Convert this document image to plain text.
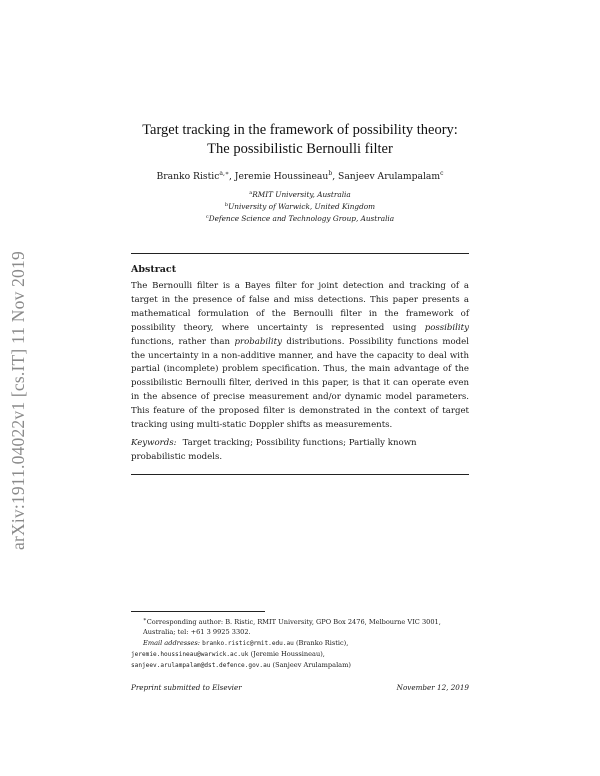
arXiv:1911.04022v1 [cs.IT] 11 Nov 2019
Target tracking in the framework of possibility theory:
The possibilistic Bernoulli filter
Branko Ristic$^{a,∗}$, Jeremie Houssineau$^b$, Sanjeev Arulampalam$^c$
$^a$RMIT University, Australia
$^b$University of Warwick, United Kingdom
$^c$Defence Science and Technology Group, Australia
Abstract
The Bernoulli filter is a Bayes filter for joint detection and tracking of a target in the presence of false and miss detections. This paper presents a mathematical formulation of the Bernoulli filter in the framework of possibility theory, where uncertainty is represented using possibility functions, rather than probability distributions. Possibility functions model the uncertainty in a non-additive manner, and have the capacity to deal with partial (incomplete) problem specification. Thus, the main advantage of the possibilistic Bernoulli filter, derived in this paper, is that it can operate even in the absence of precise measurement and/or dynamic model parameters. This feature of the proposed filter is demonstrated in the context of target tracking using multi-static Doppler shifts as measurements.
Keywords: Target tracking; Possibility functions; Partially known probabilistic models.
∗Corresponding author: B. Ristic, RMIT University, GPO Box 2476, Melbourne VIC 3001, Australia; tel: +61 3 9925 3302.
Email addresses: branko.ristic@rmit.edu.au (Branko Ristic),
jeremie.houssineau@warwick.ac.uk (Jeremie Houssineau),
sanjeev.arulampalam@dst.defence.gov.au (Sanjeev Arulampalam)
Preprint submitted to Elsevier	November 12, 2019
